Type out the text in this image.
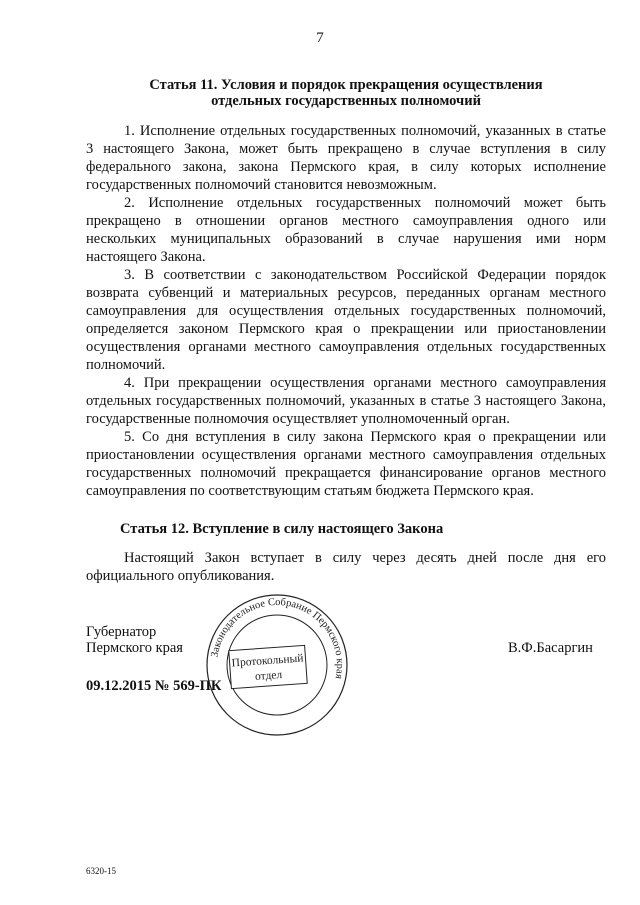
7
Статья 11. Условия и порядок прекращения осуществления
отдельных государственных полномочий

1. Исполнение отдельных государственных полномочий, указанных в статье 3 настоящего Закона, может быть прекращено в случае вступления в силу федерального закона, закона Пермского края, в силу которых исполнение государственных полномочий становится невозможным.

2. Исполнение отдельных государственных полномочий может быть прекращено в отношении органов местного самоуправления одного или нескольких муниципальных образований в случае нарушения ими норм настоящего Закона.

3. В соответствии с законодательством Российской Федерации порядок возврата субвенций и материальных ресурсов, переданных органам местного самоуправления для осуществления отдельных государственных полномочий, определяется законом Пермского края о прекращении или приостановлении осуществления органами местного самоуправления отдельных государственных полномочий.

4. При прекращении осуществления органами местного самоуправления отдельных государственных полномочий, указанных в статье 3 настоящего Закона, государственные полномочия осуществляет уполномоченный орган.

5. Со дня вступления в силу закона Пермского края о прекращении или приостановлении осуществления органами местного самоуправления отдельных государственных полномочий прекращается финансирование органов местного самоуправления по соответствующим статьям бюджета Пермского края.

Статья 12. Вступление в силу настоящего Закона

Настоящий Закон вступает в силу через десять дней после дня его официального опубликования.

Губернатор
Пермского края	В.Ф.Басаргин
09.12.2015 № 569-ПК
Законодательное Собрание Пермского края
Протокольный
отдел
6320-15
